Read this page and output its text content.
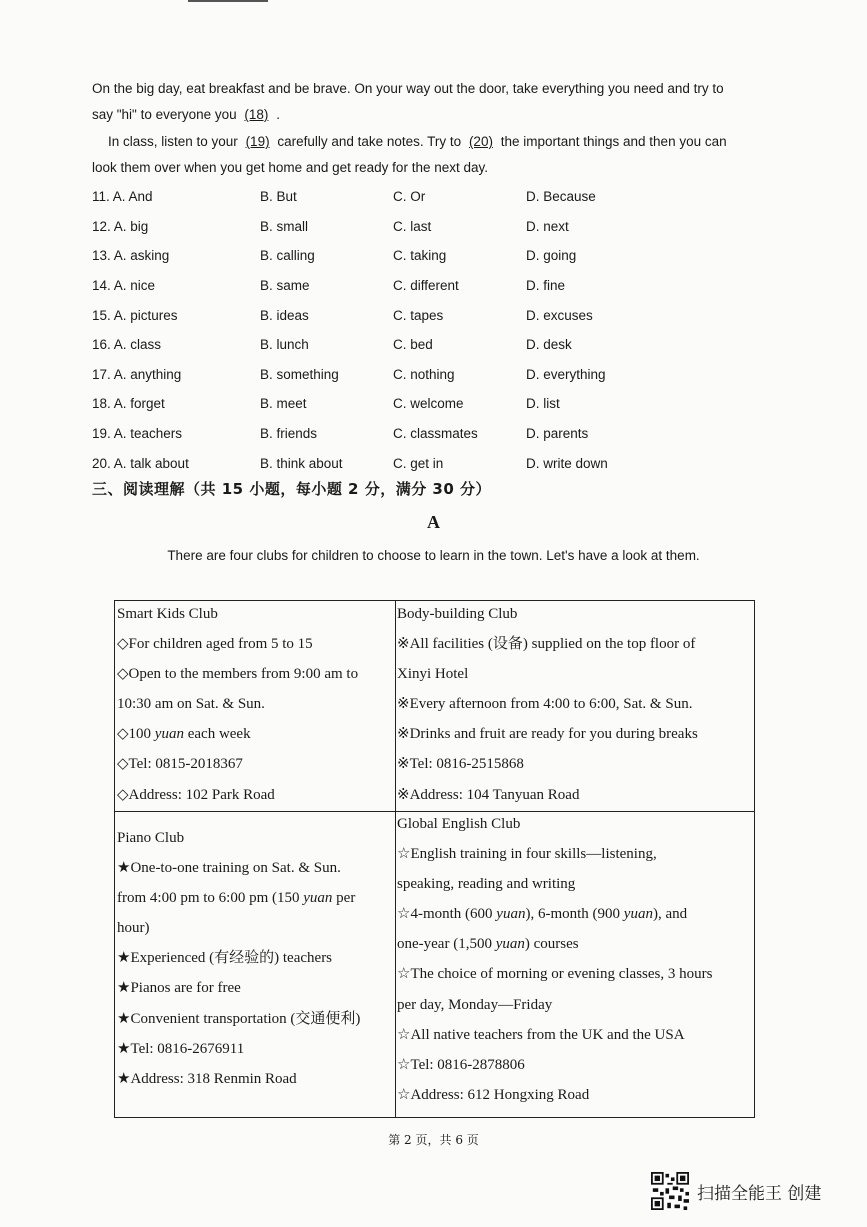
On the big day, eat breakfast and be brave. On your way out the door, take everything you need and try to
say "hi" to everyone you (18) .
In class, listen to your (19) carefully and take notes. Try to (20) the important things and then you can
look them over when you get home and get ready for the next day.
11. A. And	B. But	C. Or	D. Because
12. A. big	B. small	C. last	D. next
13. A. asking	B. calling	C. taking	D. going
14. A. nice	B. same	C. different	D. fine
15. A. pictures	B. ideas	C. tapes	D. excuses
16. A. class	B. lunch	C. bed	D. desk
17. A. anything	B. something	C. nothing	D. everything
18. A. forget	B. meet	C. welcome	D. list
19. A. teachers	B. friends	C. classmates	D. parents
20. A. talk about	B. think about	C. get in	D. write down
三、阅读理解（共 15 小题，每小题 2 分，满分 30 分）
A
There are four clubs for children to choose to learn in the town. Let's have a look at them.
Smart Kids Club
◇For children aged from 5 to 15
◇Open to the members from 9:00 am to
10:30 am on Sat. & Sun.
◇100 yuan each week
◇Tel: 0815-2018367
◇Address: 102 Park Road
Body-building Club
※All facilities (设备) supplied on the top floor of
Xinyi Hotel
※Every afternoon from 4:00 to 6:00, Sat. & Sun.
※Drinks and fruit are ready for you during breaks
※Tel: 0816-2515868
※Address: 104 Tanyuan Road
Piano Club
★One-to-one training on Sat. & Sun.
from 4:00 pm to 6:00 pm (150 yuan per
hour)
★Experienced (有经验的) teachers
★Pianos are for free
★Convenient transportation (交通便利)
★Tel: 0816-2676911
★Address: 318 Renmin Road
Global English Club
☆English training in four skills—listening,
speaking, reading and writing
☆4-month (600 yuan), 6-month (900 yuan), and
one-year (1,500 yuan) courses
☆The choice of morning or evening classes, 3 hours
per day, Monday—Friday
☆All native teachers from the UK and the USA
☆Tel: 0816-2878806
☆Address: 612 Hongxing Road
第 2 页，共 6 页
扫描全能王 创建
